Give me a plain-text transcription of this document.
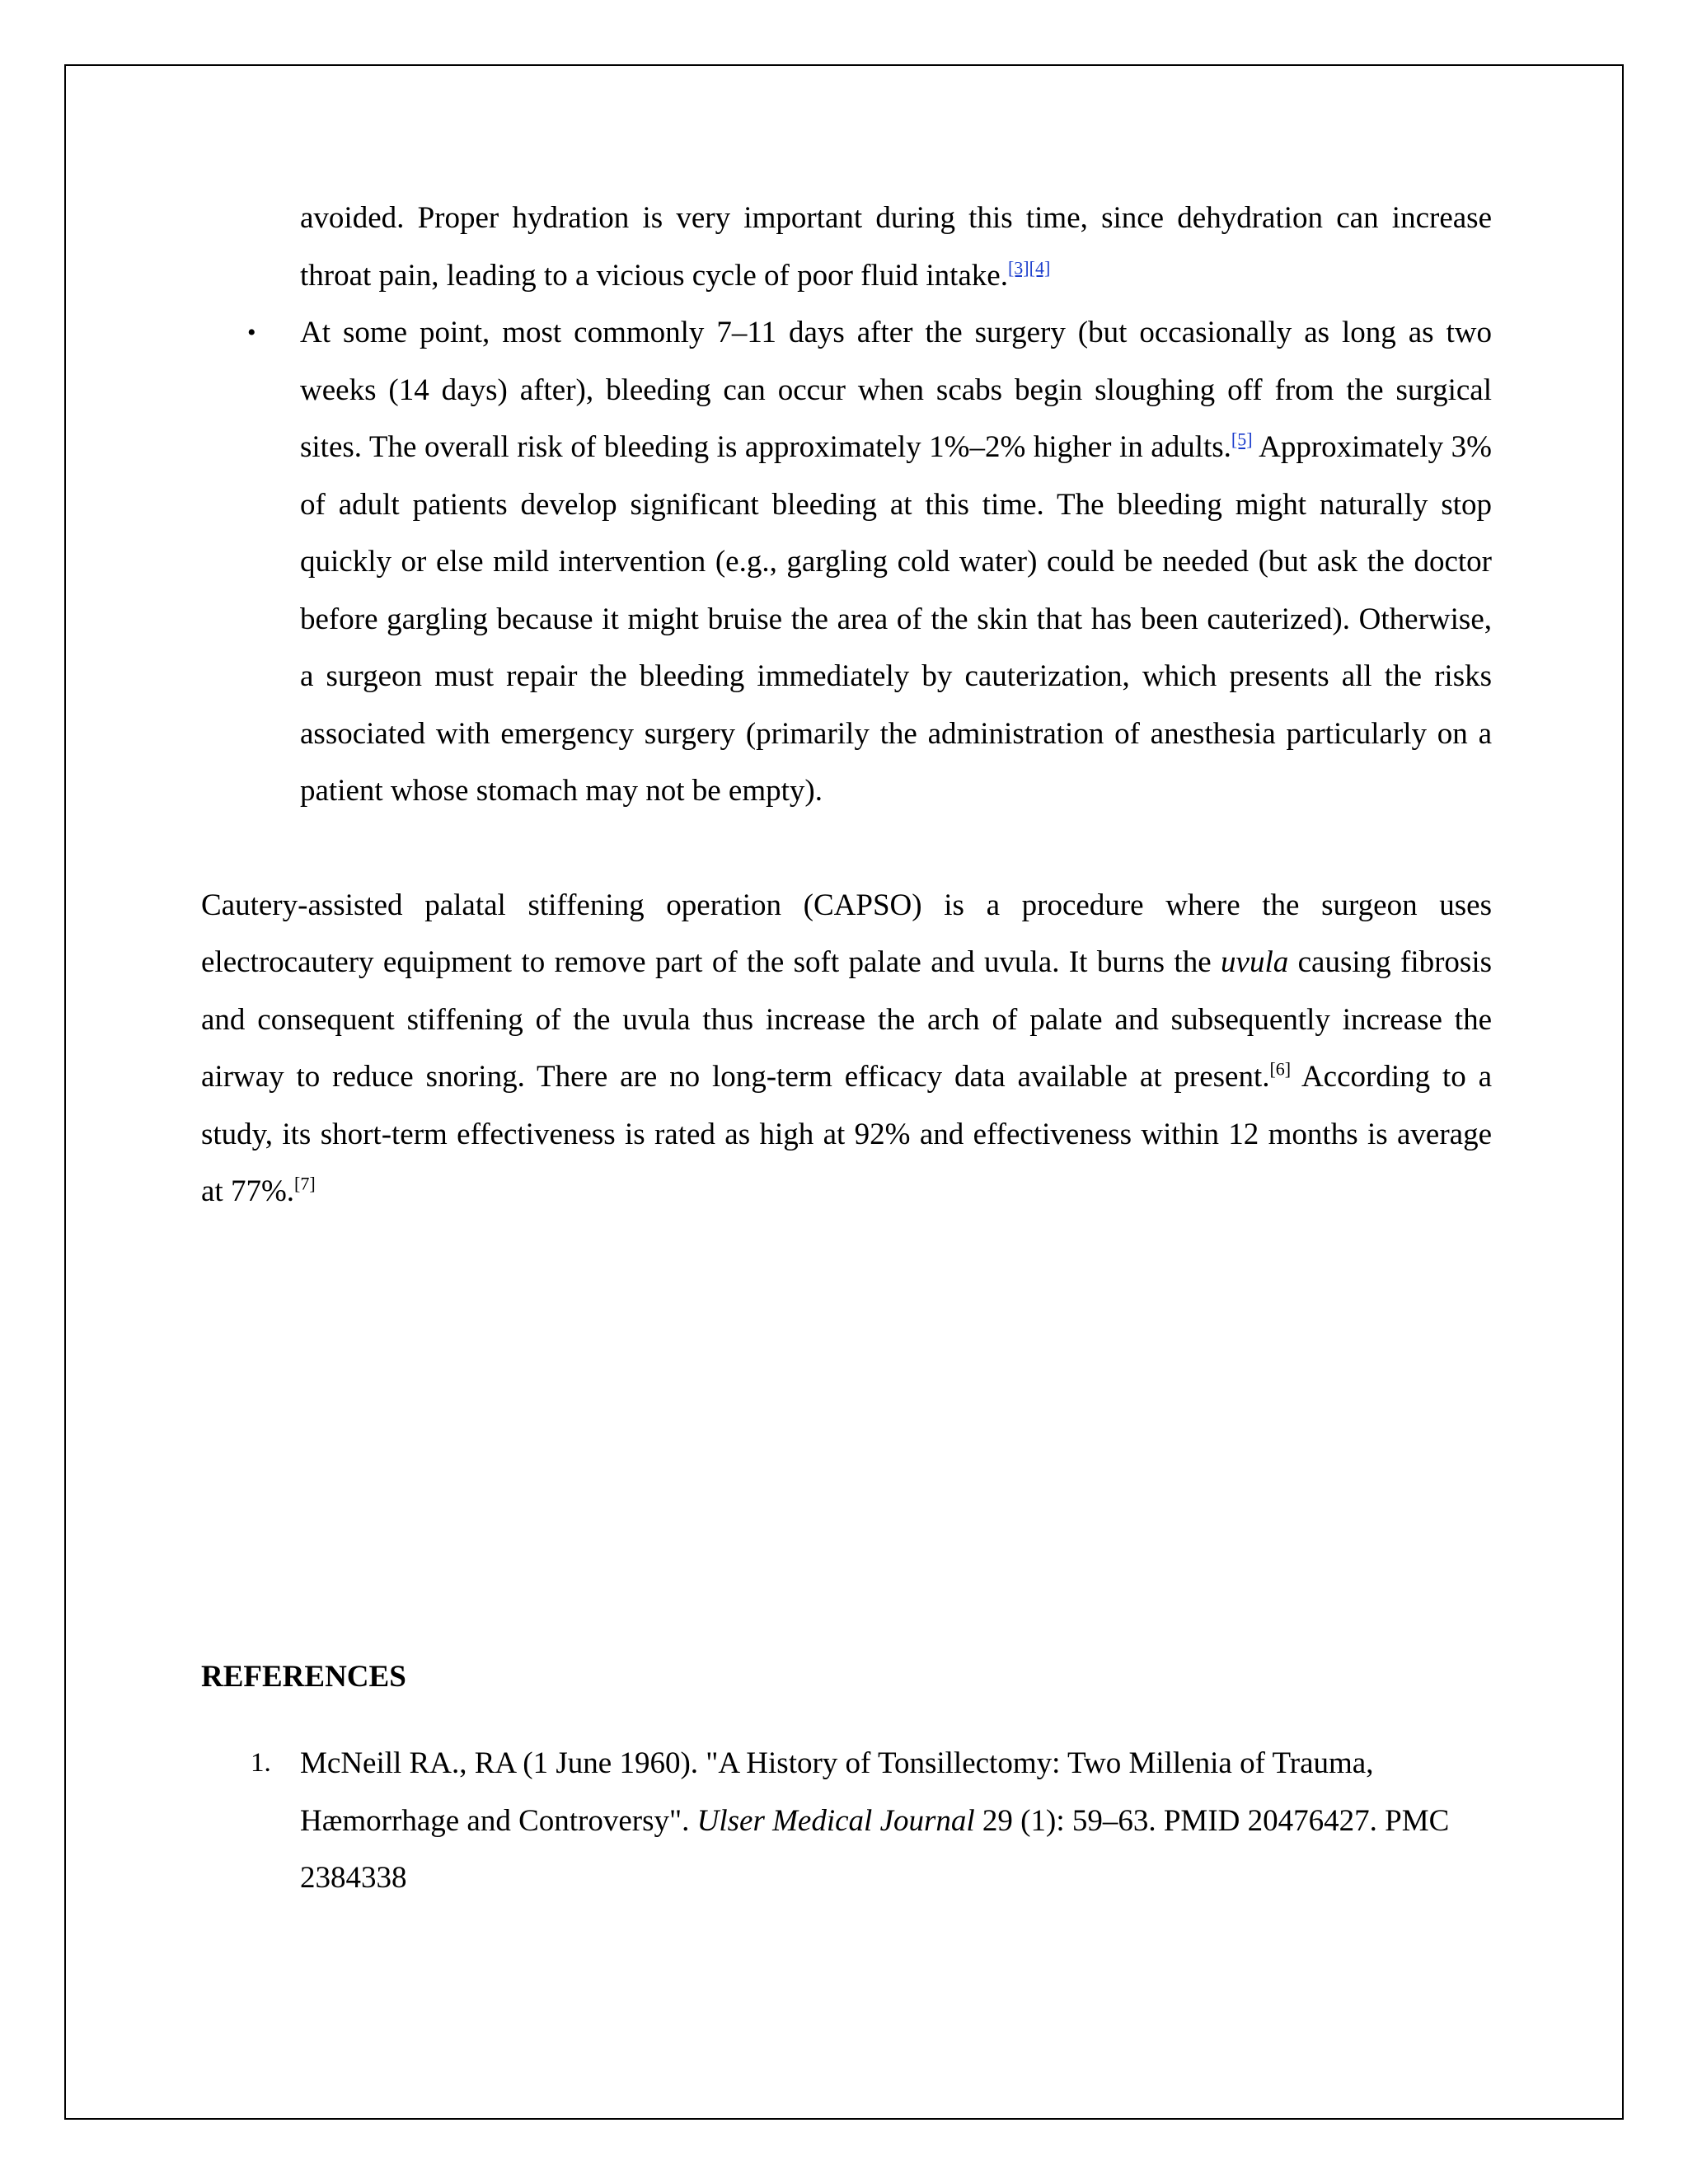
avoided. Proper hydration is very important during this time, since dehydration can increase throat pain, leading to a vicious cycle of poor fluid intake.[3][4]
• At some point, most commonly 7–11 days after the surgery (but occasionally as long as two weeks (14 days) after), bleeding can occur when scabs begin sloughing off from the surgical sites. The overall risk of bleeding is approximately 1%–2% higher in adults.[5] Approximately 3% of adult patients develop significant bleeding at this time. The bleeding might naturally stop quickly or else mild intervention (e.g., gargling cold water) could be needed (but ask the doctor before gargling because it might bruise the area of the skin that has been cauterized). Otherwise, a surgeon must repair the bleeding immediately by cauterization, which presents all the risks associated with emergency surgery (primarily the administration of anesthesia particularly on a patient whose stomach may not be empty).

Cautery-assisted palatal stiffening operation (CAPSO) is a procedure where the surgeon uses electrocautery equipment to remove part of the soft palate and uvula. It burns the uvula causing fibrosis and consequent stiffening of the uvula thus increase the arch of palate and subsequently increase the airway to reduce snoring. There are no long-term efficacy data available at present.[6] According to a study, its short-term effectiveness is rated as high at 92% and effectiveness within 12 months is average at 77%.[7]

REFERENCES
1. McNeill RA., RA (1 June 1960). "A History of Tonsillectomy: Two Millenia of Trauma, Hæmorrhage and Controversy". Ulser Medical Journal 29 (1): 59–63. PMID 20476427. PMC 2384338
